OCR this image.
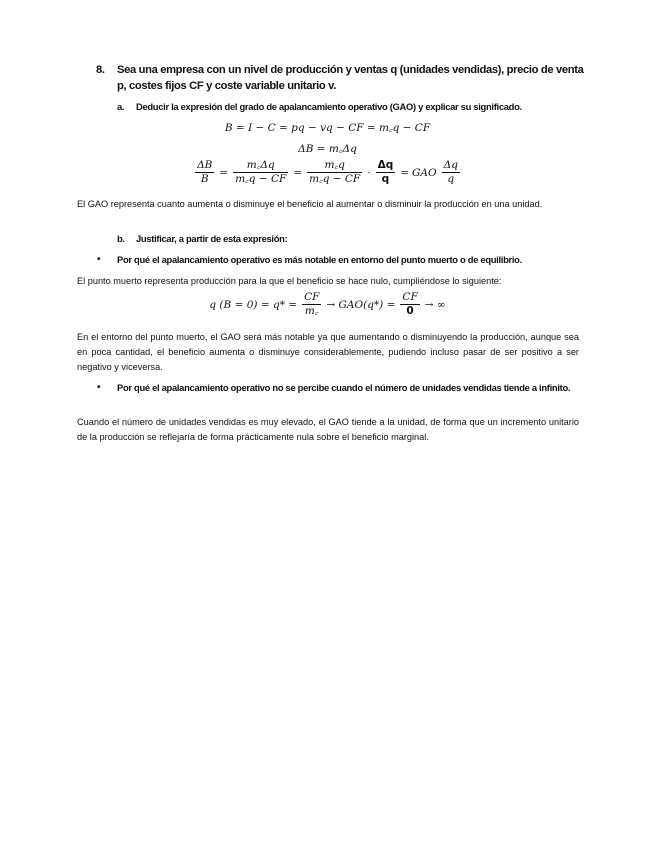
8. Sea una empresa con un nivel de producción y ventas q (unidades vendidas), precio de venta p, costes fijos CF y coste variable unitario v.
a. Deducir la expresión del grado de apalancamiento operativo (GAO) y explicar su significado.
B = I − C = pq − vq − CF = m꜀q − CF
ΔB = m꜀Δq
$\frac{\Delta B}{B} = \frac{m꜀\Delta q}{m꜀q - CF} = \frac{m꜀q}{m꜀q - CF} \cdot \frac{\Delta q}{q}$ = GAO $\frac{\Delta q}{q}$
El GAO representa cuanto aumenta o disminuye el beneficio al aumentar o disminuir la producción en una unidad.
b. Justificar, a partir de esta expresión:
• Por qué el apalancamiento operativo es más notable en entorno del punto muerto o de equilibrio.
El punto muerto representa producción para la que el beneficio se hace nulo, cumpliéndose lo siguiente:
q $(B = 0) = q* = \frac{CF}{m꜀} \to GAO(q*) = \frac{CF}{0}$ → ∞
En el entorno del punto muerto, el GAO será más notable ya que aumentando o disminuyendo la producción, aunque sea en poca cantidad, el beneficio aumenta o disminuye considerablemente, pudiendo incluso pasar de ser positivo a ser negativo y viceversa.
• Por qué el apalancamiento operativo no se percibe cuando el número de unidades vendidas tiende a infinito.
Cuando el número de unidades vendidas es muy elevado, el GAO tiende a la unidad, de forma que un incremento unitario de la producción se reflejaría de forma prácticamente nula sobre el beneficio marginal.
